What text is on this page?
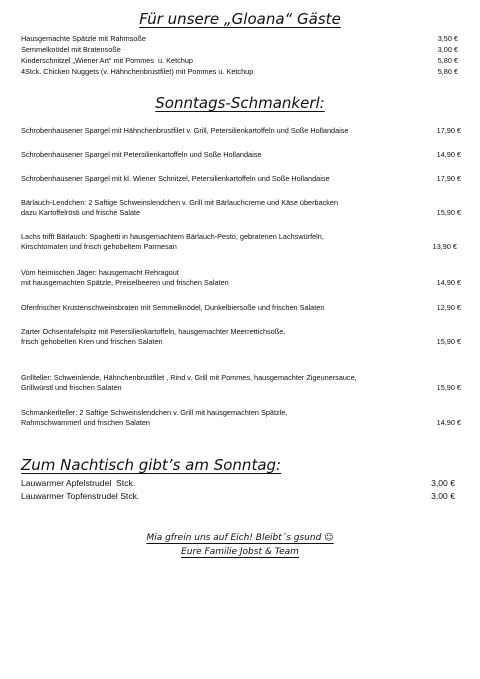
Für unsere „Gloana“ Gäste
Hausgemachte Spätzle mit Rahmsoße	3,50 €
Semmelknödel mit Bratensoße	3,00 €
Kinderschnitzel „Wiener Art“ mit Pommes  u. Ketchup	5,80 €
4Stck. Chicken Nuggets (v. Hähnchenbrustfilet) mit Pommes u. Ketchup	5,80 €
Sonntags-Schmankerl:
Schrobenhausener Spargel mit Hähnchenbrustfilet v. Grill, Petersilienkartoffeln und Soße Hollandaise	17,90 €
Schrobenhausener Spargel mit Petersilienkartoffeln und Soße Hollandaise	14,90 €
Schrobenhausener Spargel mit kl. Wiener Schnitzel, Petersilienkartoffeln und Soße Hollandaise	17,90 €
Bärlauch-Lendchen: 2 Saftige Schweinslendchen v. Grill mit Bärlauchcreme und Käse überbacken
dazu Kartoffelrösti und frische Salate	15,90 €
Lachs trifft Bärlauch: Spaghetti in hausgemachtem Bärlauch-Pesto, gebratenen Lachswürfeln,
Kirschtomaten und frisch gehobeltem Parmesan	13,90 €
Vom heimischen Jäger: hausgemacht Rehragout
mit hausgemachten Spätzle, Preiselbeeren und frischen Salaten	14,90 €
Ofenfrischer Krustenschweinsbraten mit Semmelknödel, Dunkelbiersoße und frischen Salaten	12,90 €
Zarter Ochsentafelspitz mit Petersilienkartoffeln, hausgemachter Meerrettichsoße,
frisch gehobelten Kren und frischen Salaten	15,90 €
Grillteller: Schweinlende, Hähnchenbrustfilet , Rind v. Grill mit Pommes, hausgemachter Zigeunersauce,
Grillwürstl und frischen Salaten	15,90 €
Schmankerlteller: 2 Saftige Schweinslendchen v. Grill mit hausgemachten Spätzle,
Rahmschwammerl und frischen Salaten	14,90 €
Zum Nachtisch gibt’s am Sonntag:
Lauwarmer Apfelstrudel  Stck.	3,00 €
Lauwarmer Topfenstrudel Stck.	3,00 €
Mia gfrein uns auf Eich! Bleibt´s gsund ☺
Eure Familie Jobst & Team
